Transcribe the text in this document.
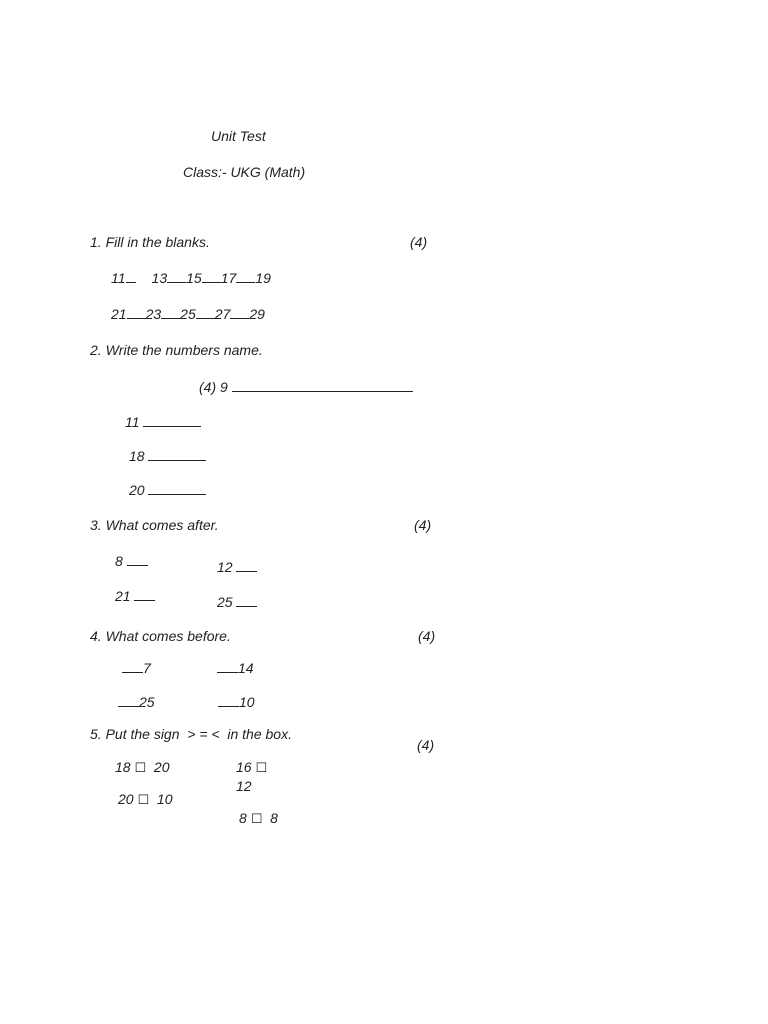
Unit Test
Class:- UKG (Math)
1. Fill in the blanks.	(4)
11 13 15 17 19
21 23 25 27 29
2. Write the numbers name.
(4) 9
11
18
20
3. What comes after.	(4)
8	12
21	25
4. What comes before.	(4)
7	14
25	10
5. Put the sign  > = <  in the box.
(4)
18 ☐ 20	16 ☐
12
20 ☐ 10
8 ☐ 8
